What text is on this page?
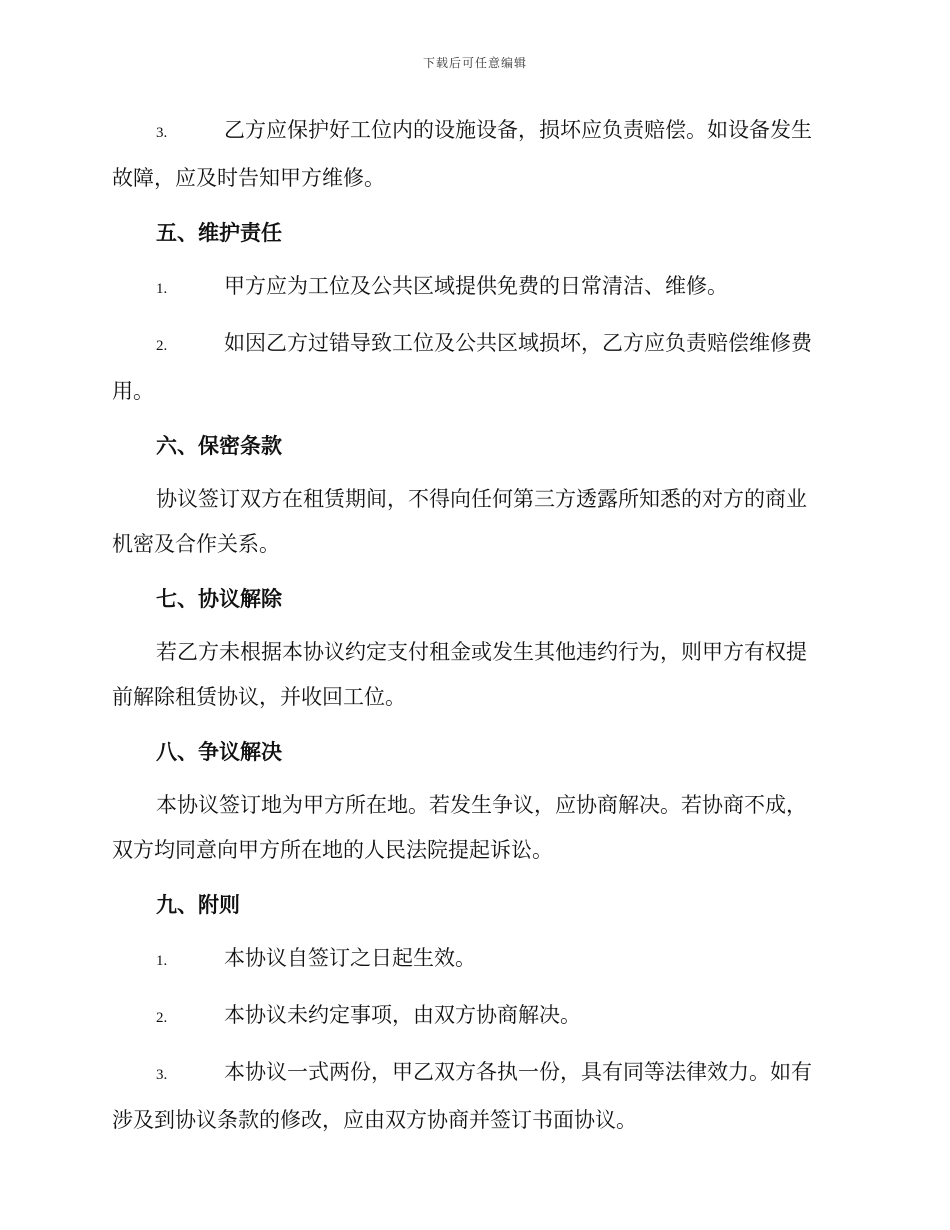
下载后可任意编辑
3.	乙方应保护好工位内的设施设备，损坏应负责赔偿。如设备发生
故障，应及时告知甲方维修。
五、维护责任
1.	甲方应为工位及公共区域提供免费的日常清洁、维修。
2.	如因乙方过错导致工位及公共区域损坏，乙方应负责赔偿维修费
用。
六、保密条款
协议签订双方在租赁期间，不得向任何第三方透露所知悉的对方的商业
机密及合作关系。
七、协议解除
若乙方未根据本协议约定支付租金或发生其他违约行为，则甲方有权提
前解除租赁协议，并收回工位。
八、争议解决
本协议签订地为甲方所在地。若发生争议，应协商解决。若协商不成，
双方均同意向甲方所在地的人民法院提起诉讼。
九、附则
1.	本协议自签订之日起生效。
2.	本协议未约定事项，由双方协商解决。
3.	本协议一式两份，甲乙双方各执一份，具有同等法律效力。如有
涉及到协议条款的修改，应由双方协商并签订书面协议。
